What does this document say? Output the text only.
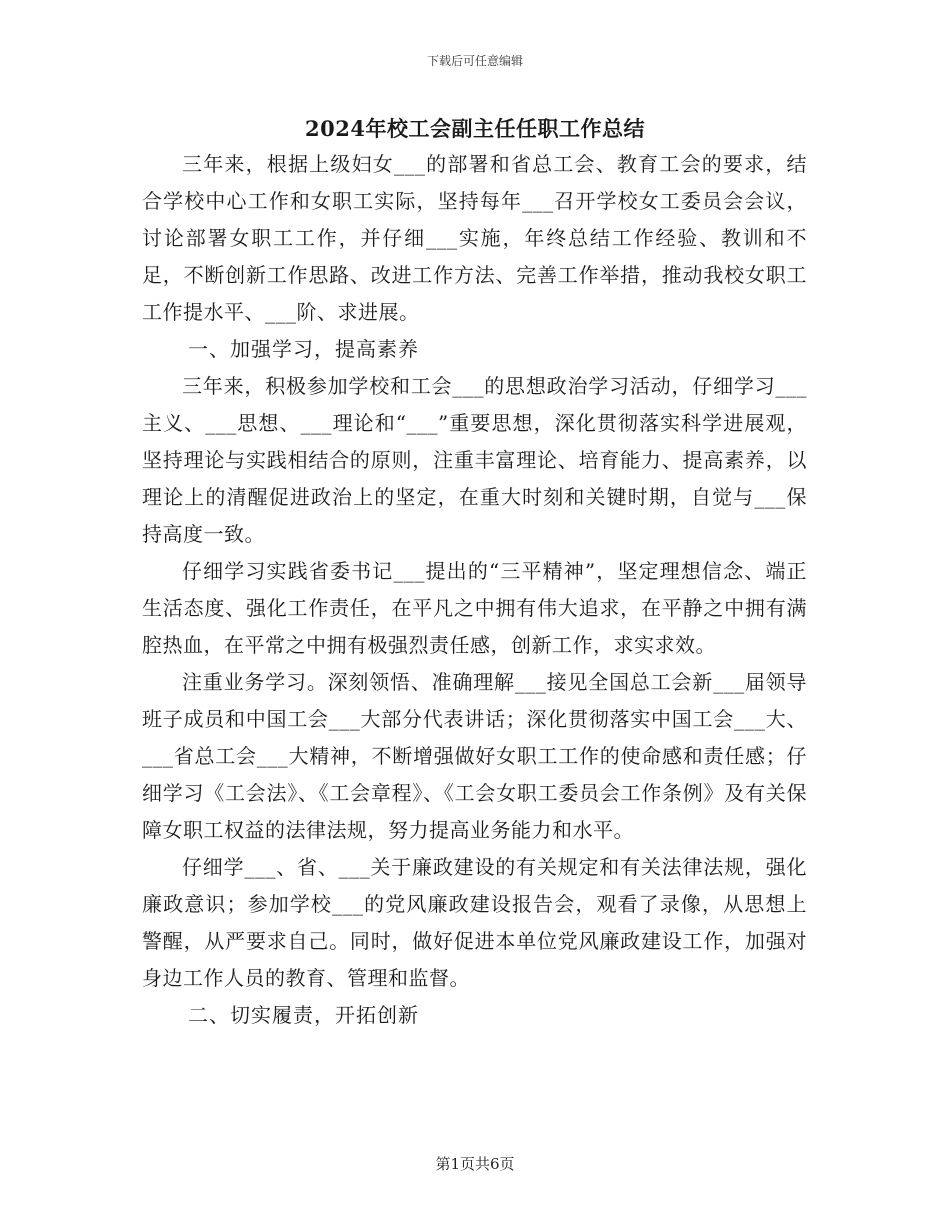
下载后可任意编辑
2024年校工会副主任任职工作总结

三年来，根据上级妇女___的部署和省总工会、教育工会的要求，结合学校中心工作和女职工实际，坚持每年___召开学校女工委员会会议，讨论部署女职工工作，并仔细___实施，年终总结工作经验、教训和不足，不断创新工作思路、改进工作方法、完善工作举措，推动我校女职工工作提水平、___阶、求进展。

一、加强学习，提高素养

三年来，积极参加学校和工会___的思想政治学习活动，仔细学习___主义、___思想、___理论和“___”重要思想，深化贯彻落实科学进展观，坚持理论与实践相结合的原则，注重丰富理论、培育能力、提高素养，以理论上的清醒促进政治上的坚定，在重大时刻和关键时期，自觉与___保持高度一致。

仔细学习实践省委书记___提出的“三平精神”，坚定理想信念、端正生活态度、强化工作责任，在平凡之中拥有伟大追求，在平静之中拥有满腔热血，在平常之中拥有极强烈责任感，创新工作，求实求效。

注重业务学习。深刻领悟、准确理解___接见全国总工会新___届领导班子成员和中国工会___大部分代表讲话；深化贯彻落实中国工会___大、___省总工会___大精神，不断增强做好女职工工作的使命感和责任感；仔细学习《工会法》、《工会章程》、《工会女职工委员会工作条例》及有关保障女职工权益的法律法规，努力提高业务能力和水平。

仔细学___、省、___关于廉政建设的有关规定和有关法律法规，强化廉政意识；参加学校___的党风廉政建设报告会，观看了录像，从思想上警醒，从严要求自己。同时，做好促进本单位党风廉政建设工作，加强对身边工作人员的教育、管理和监督。

二、切实履责，开拓创新

第1页共6页
